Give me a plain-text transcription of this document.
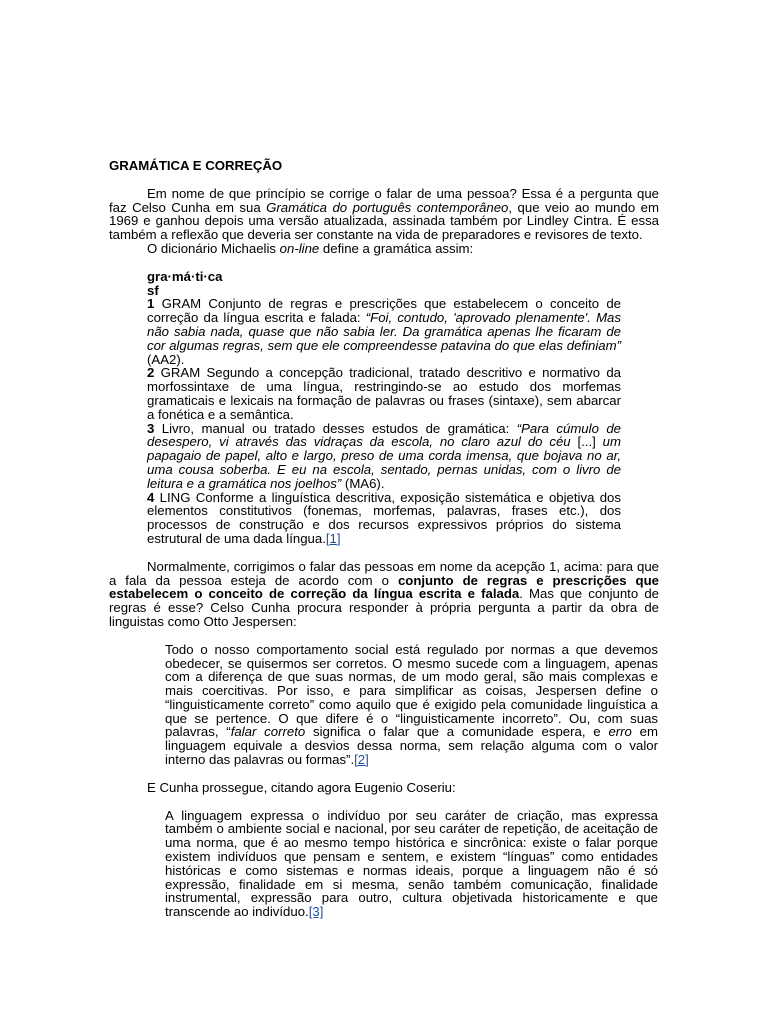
GRAMÁTICA E CORREÇÃO

Em nome de que princípio se corrige o falar de uma pessoa? Essa é a pergunta que faz Celso Cunha em sua Gramática do português contemporâneo, que veio ao mundo em 1969 e ganhou depois uma versão atualizada, assinada também por Lindley Cintra. É essa também a reflexão que deveria ser constante na vida de preparadores e revisores de texto.

O dicionário Michaelis on-line define a gramática assim:

gra·má·ti·ca

sf

1 GRAM Conjunto de regras e prescrições que estabelecem o conceito de correção da língua escrita e falada: “Foi, contudo, 'aprovado plenamente'. Mas não sabia nada, quase que não sabia ler. Da gramática apenas lhe ficaram de cor algumas regras, sem que ele compreendesse patavina do que elas definiam” (AA2).

2 GRAM Segundo a concepção tradicional, tratado descritivo e normativo da morfossintaxe de uma língua, restringindo-se ao estudo dos morfemas gramaticais e lexicais na formação de palavras ou frases (sintaxe), sem abarcar a fonética e a semântica.

3 Livro, manual ou tratado desses estudos de gramática: “Para cúmulo de desespero, vi através das vidraças da escola, no claro azul do céu [...] um papagaio de papel, alto e largo, preso de uma corda imensa, que bojava no ar, uma cousa soberba. E eu na escola, sentado, pernas unidas, com o livro de leitura e a gramática nos joelhos” (MA6).

4 LING Conforme a linguística descritiva, exposição sistemática e objetiva dos elementos constitutivos (fonemas, morfemas, palavras, frases etc.), dos processos de construção e dos recursos expressivos próprios do sistema estrutural de uma dada língua.[1]

Normalmente, corrigimos o falar das pessoas em nome da acepção 1, acima: para que a fala da pessoa esteja de acordo com o conjunto de regras e prescrições que estabelecem o conceito de correção da língua escrita e falada. Mas que conjunto de regras é esse? Celso Cunha procura responder à própria pergunta a partir da obra de linguistas como Otto Jespersen:

Todo o nosso comportamento social está regulado por normas a que devemos obedecer, se quisermos ser corretos. O mesmo sucede com a linguagem, apenas com a diferença de que suas normas, de um modo geral, são mais complexas e mais coercitivas. Por isso, e para simplificar as coisas, Jespersen define o “linguisticamente correto” como aquilo que é exigido pela comunidade linguística a que se pertence. O que difere é o “linguisticamente incorreto”. Ou, com suas palavras, “falar correto significa o falar que a comunidade espera, e erro em linguagem equivale a desvios dessa norma, sem relação alguma com o valor interno das palavras ou formas”.[2]

E Cunha prossegue, citando agora Eugenio Coseriu:

A linguagem expressa o indivíduo por seu caráter de criação, mas expressa também o ambiente social e nacional, por seu caráter de repetição, de aceitação de uma norma, que é ao mesmo tempo histórica e sincrônica: existe o falar porque existem indivíduos que pensam e sentem, e existem “línguas” como entidades históricas e como sistemas e normas ideais, porque a linguagem não é só expressão, finalidade em si mesma, senão também comunicação, finalidade instrumental, expressão para outro, cultura objetivada historicamente e que transcende ao indivíduo.[3]
